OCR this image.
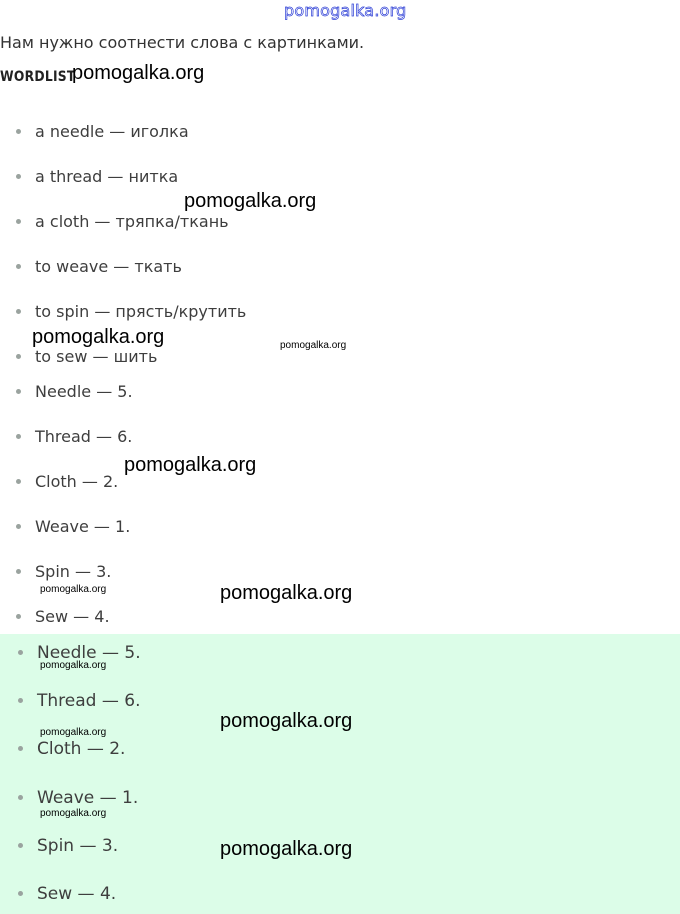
pomogalka.org
Нам нужно соотнести слова с картинками.
WORDLIST
a needle — иголка
a thread — нитка
a cloth — тряпка/ткань
to weave — ткать
to spin — прясть/крутить
to sew — шить
Needle — 5.
Thread — 6.
Cloth — 2.
Weave — 1.
Spin — 3.
Sew — 4.
Needle — 5.
Thread — 6.
Cloth — 2.
Weave — 1.
Spin — 3.
Sew — 4.
pomogalka.org
pomogalka.org
pomogalka.org	pomogalka.org
pomogalka.org
pomogalka.org	pomogalka.org
pomogalka.org
pomogalka.org
pomogalka.org
pomogalka.org
pomogalka.org
